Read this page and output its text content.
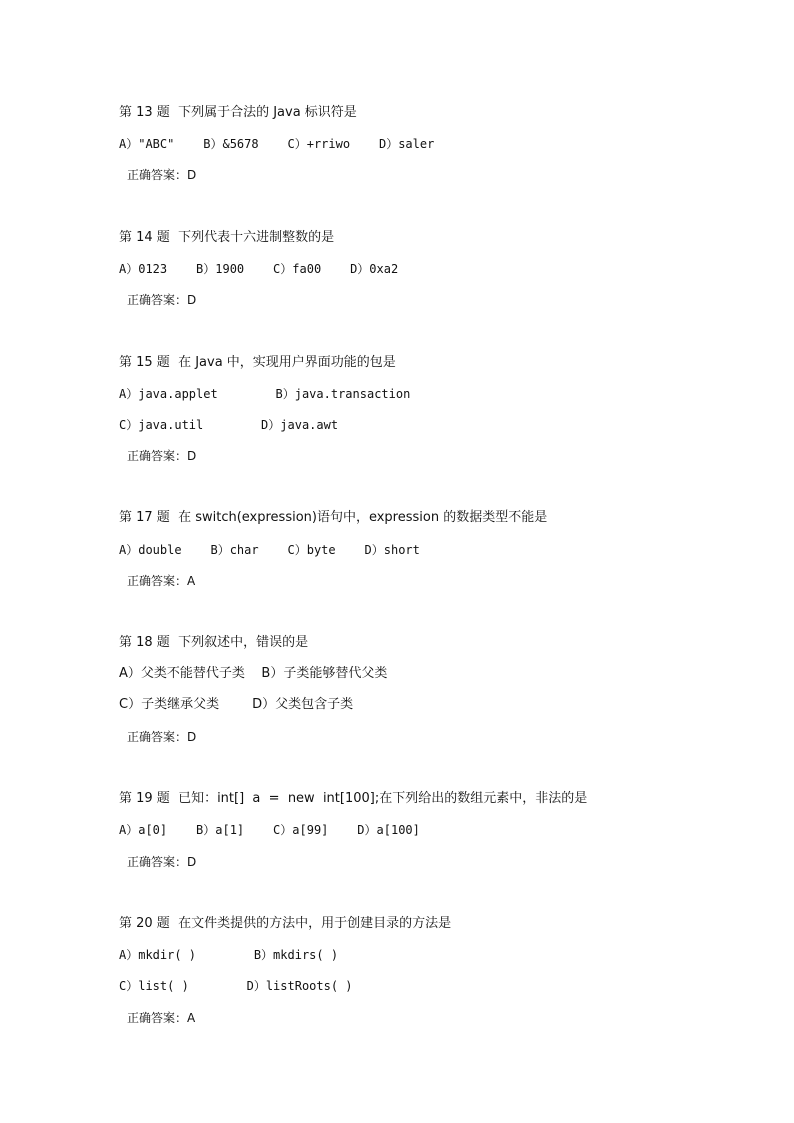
第 13 题  下列属于合法的 Java 标识符是
A）"ABC"    B）&5678    C）+rriwo    D）saler
正确答案：D
第 14 题  下列代表十六进制整数的是
A）0123    B）1900    C）fa00    D）0xa2
正确答案：D
第 15 题  在 Java 中，实现用户界面功能的包是
A）java.applet        B）java.transaction
C）java.util        D）java.awt
正确答案：D
第 17 题  在 switch(expression)语句中，expression 的数据类型不能是
A）double    B）char    C）byte    D）short
正确答案：A
第 18 题  下列叙述中，错误的是
A）父类不能替代子类    B）子类能够替代父类
C）子类继承父类        D）父类包含子类
正确答案：D
第 19 题  已知：int[]  a  =  new  int[100];在下列给出的数组元素中，非法的是
A）a[0]    B）a[1]    C）a[99]    D）a[100]
正确答案：D
第 20 题  在文件类提供的方法中，用于创建目录的方法是
A）mkdir( )        B）mkdirs( )
C）list( )        D）listRoots( )
正确答案：A
